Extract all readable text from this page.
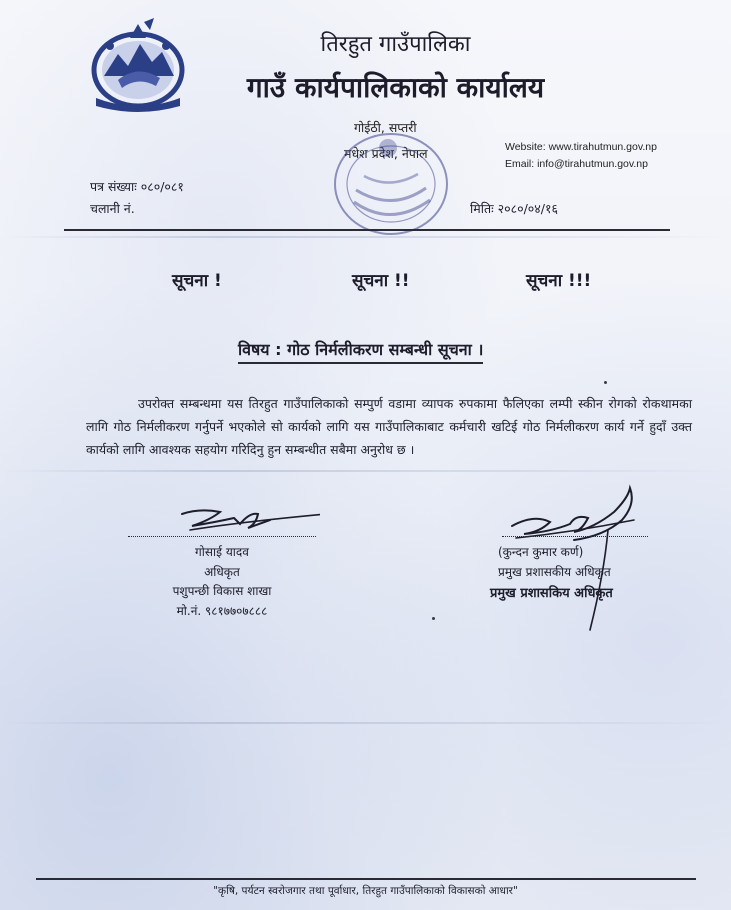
तिरहुत गाउँपालिका
गाउँ कार्यपालिकाको कार्यालय
गोईठी, सप्तरी
मधेश प्रदेश, नेपाल	Website: www.tirahutmun.gov.np
Email: info@tirahutmun.gov.np
पत्र संख्याः ०८०/०८१
चलानी नं.	मितिः २०८०/०४/१६
सूचना !	सूचना !!	सूचना !!!
विषय : गोठ निर्मलीकरण सम्बन्धी सूचना ।
उपरोक्त सम्बन्धमा यस तिरहुत गाउँपालिकाको सम्पुर्ण वडामा व्यापक रुपकामा फैलिएका लम्पी स्कीन रोगको रोकथामका लागि गोठ निर्मलीकरण गर्नुपर्ने भएकोले सो कार्यको लागि यस गाउँपालिकाबाट कर्मचारी खटिई गोठ निर्मलीकरण कार्य गर्ने हुदाँ उक्त कार्यको लागि आवश्यक सहयोग गरिदिनु हुन सम्बन्धीत सबैमा अनुरोध छ ।
गोसाई यादव
अधिकृत
पशुपन्छी विकास शाखा
मो.नं. ९८१७७०७८८८
(कुन्दन कुमार कर्ण)
प्रमुख प्रशासकीय अधिकृत
प्रमुख प्रशासकिय अधिकृत
"कृषि, पर्यटन स्वरोजगार तथा पूर्वाधार, तिरहुत गाउँपालिकाको विकासको आधार"
